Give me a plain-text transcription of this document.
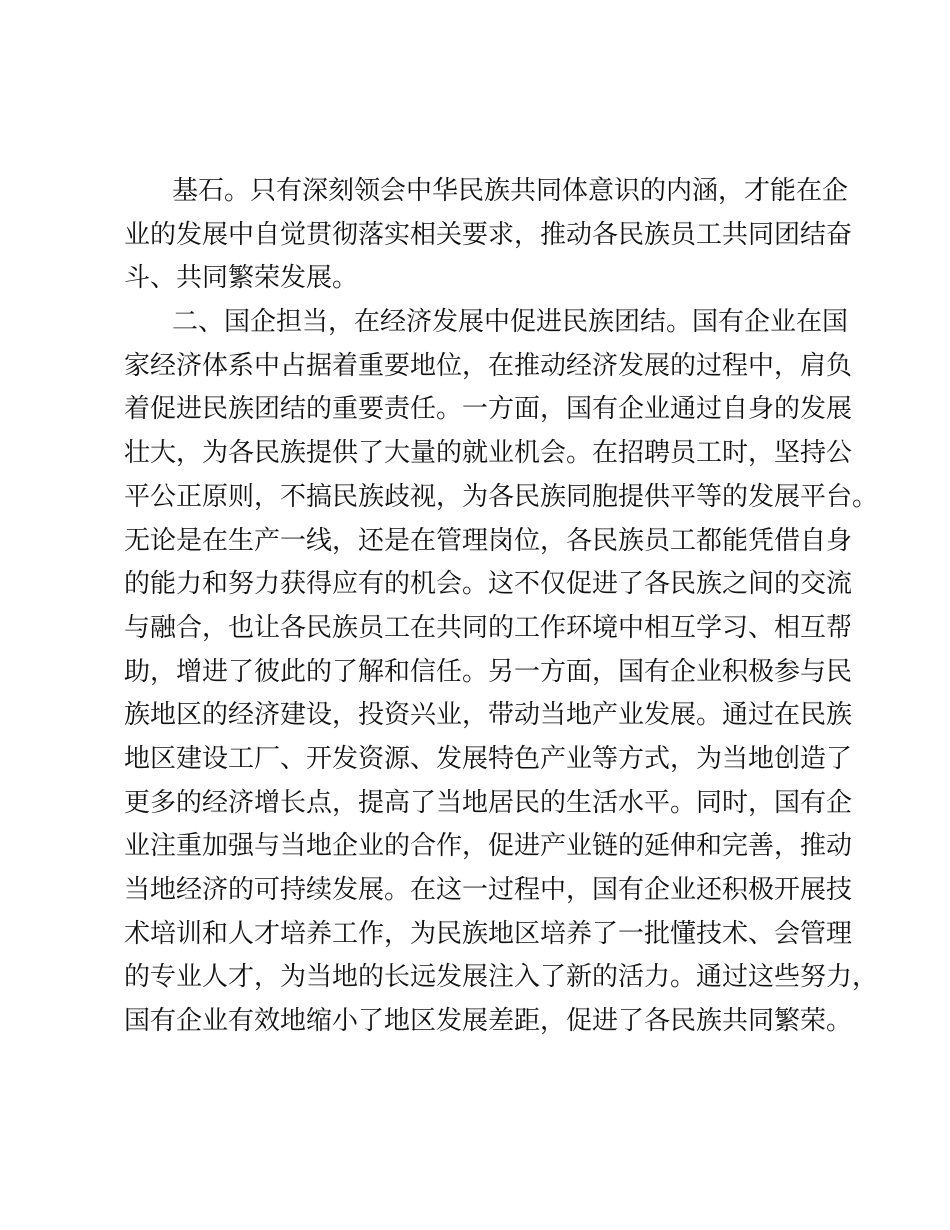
基石。只有深刻领会中华民族共同体意识的内涵，才能在企
业的发展中自觉贯彻落实相关要求，推动各民族员工共同团结奋
斗、共同繁荣发展。

二、国企担当，在经济发展中促进民族团结。国有企业在国
家经济体系中占据着重要地位，在推动经济发展的过程中，肩负
着促进民族团结的重要责任。一方面，国有企业通过自身的发展
壮大，为各民族提供了大量的就业机会。在招聘员工时，坚持公
平公正原则，不搞民族歧视，为各民族同胞提供平等的发展平台。
无论是在生产一线，还是在管理岗位，各民族员工都能凭借自身
的能力和努力获得应有的机会。这不仅促进了各民族之间的交流
与融合，也让各民族员工在共同的工作环境中相互学习、相互帮
助，增进了彼此的了解和信任。另一方面，国有企业积极参与民
族地区的经济建设，投资兴业，带动当地产业发展。通过在民族
地区建设工厂、开发资源、发展特色产业等方式，为当地创造了
更多的经济增长点，提高了当地居民的生活水平。同时，国有企
业注重加强与当地企业的合作，促进产业链的延伸和完善，推动
当地经济的可持续发展。在这一过程中，国有企业还积极开展技
术培训和人才培养工作，为民族地区培养了一批懂技术、会管理
的专业人才，为当地的长远发展注入了新的活力。通过这些努力，
国有企业有效地缩小了地区发展差距，促进了各民族共同繁荣。
